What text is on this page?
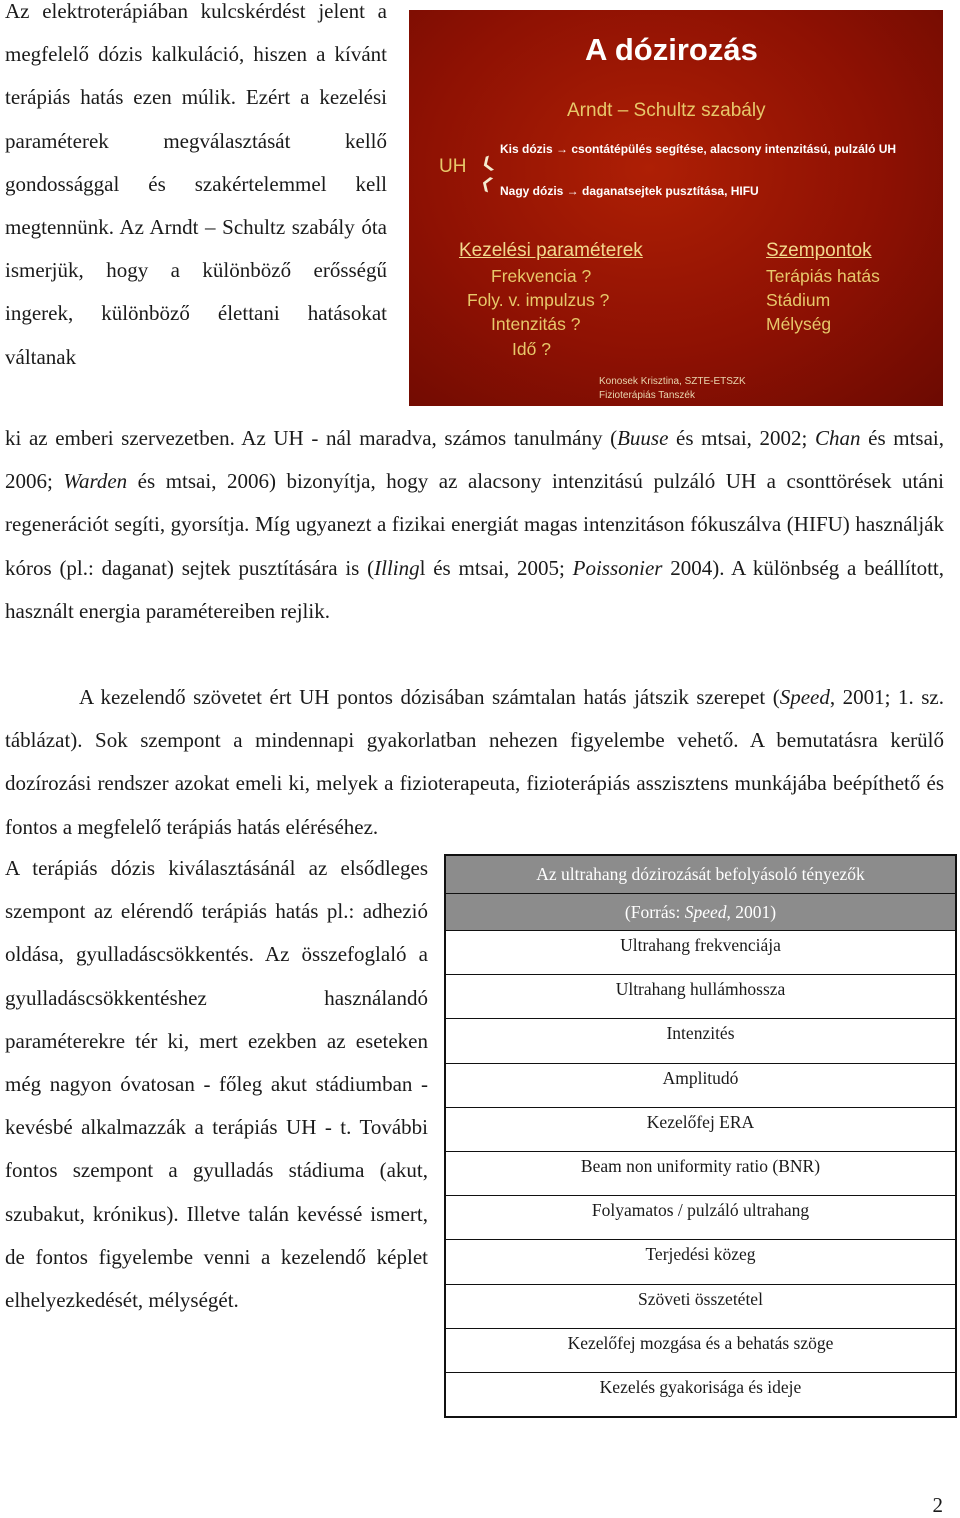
Az elektroterápiában kulcskérdést jelent a megfelelő dózis kalkuláció, hiszen a kívánt terápiás hatás ezen múlik. Ezért a kezelési paraméterek megválasztását kellő gondossággal és szakértelemmel kell megtennünk. Az Arndt – Schultz szabály óta ismerjük, hogy a különböző erősségű ingerek, különböző élettani hatásokat váltanak

A dózirozás
Arndt – Schultz szabály
UH ❮
❮
Kis dózis → csontátépülés segítése, alacsony intenzitású, pulzáló UH
Nagy dózis → daganatsejtek pusztítása, HIFU
Kezelési paraméterek
Frekvencia ?
Foly. v. impulzus ?
Intenzitás ?
Idő ?
Szempontok
Terápiás hatás
Stádium
Mélység
Konosek Krisztina, SZTE-ETSZK
Fizioterápiás Tanszék

ki az emberi szervezetben. Az UH - nál maradva, számos tanulmány (Buuse és mtsai, 2002; Chan és mtsai, 2006; Warden és mtsai, 2006) bizonyítja, hogy az alacsony intenzitású pulzáló UH a csonttörések utáni regenerációt segíti, gyorsítja. Míg ugyanezt a fizikai energiát magas intenzitáson fókuszálva (HIFU) használják kóros (pl.: daganat) sejtek pusztítására is (Illingl és mtsai, 2005; Poissonier 2004). A különbség a beállított, használt energia paramétereiben rejlik.

A kezelendő szövetet ért UH pontos dózisában számtalan hatás játszik szerepet (Speed, 2001; 1. sz. táblázat). Sok szempont a mindennapi gyakorlatban nehezen figyelembe vehető. A bemutatásra kerülő dozírozási rendszer azokat emeli ki, melyek a fizioterapeuta, fizioterápiás asszisztens munkájába beépíthető és fontos a megfelelő terápiás hatás eléréséhez.

A terápiás dózis kiválasztásánál az elsődleges szempont az elérendő terápiás hatás pl.: adhezió oldása, gyulladáscsökkentés. Az összefoglaló a gyulladáscsökkentéshez használandó paraméterekre tér ki, mert ezekben az eseteken még nagyon óvatosan - főleg akut stádiumban - kevésbé alkalmazzák a terápiás UH - t. További fontos szempont a gyulladás stádiuma (akut, szubakut, krónikus). Illetve talán kevéssé ismert, de fontos figyelembe venni a kezelendő képlet elhelyezkedését, mélységét.

Az ultrahang dózirozását befolyásoló tényezők
(Forrás: Speed, 2001)

Ultrahang frekvenciája

Ultrahang hullámhossza

Intenzités

Amplitudó

Kezelőfej ERA

Beam non uniformity ratio (BNR)

Folyamatos / pulzáló ultrahang

Terjedési közeg

Szöveti összetétel

Kezelőfej mozgása és a behatás szöge

Kezelés gyakorisága és ideje
2
